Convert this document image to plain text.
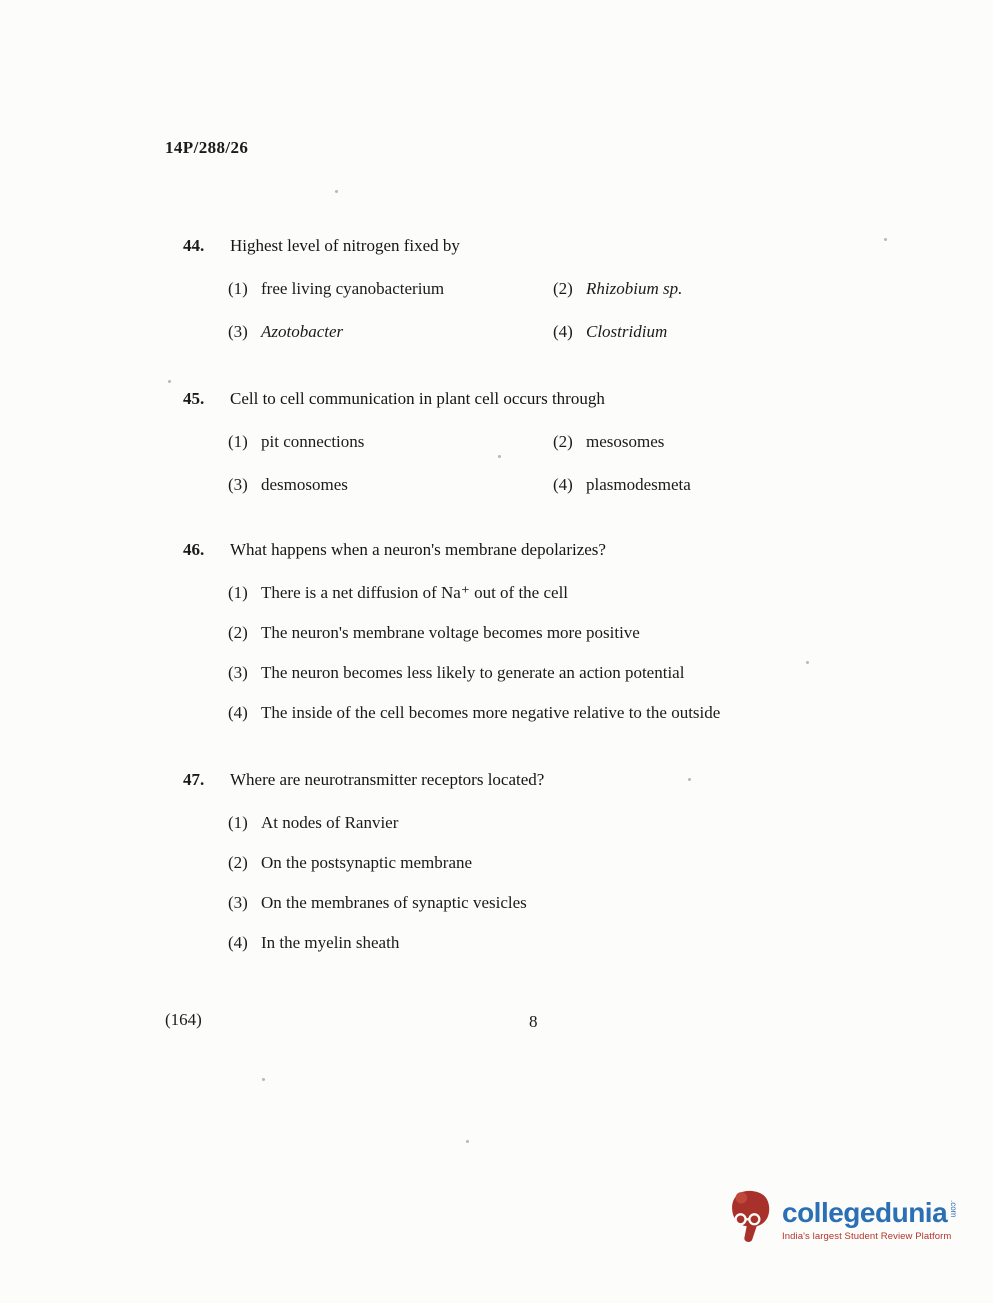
14P/288/26
44.	Highest level of nitrogen fixed by
(1) free living cyanobacterium	(2) Rhizobium sp.
(3) Azotobacter	(4) Clostridium
45.	Cell to cell communication in plant cell occurs through
(1) pit connections	(2) mesosomes
(3) desmosomes	(4) plasmodesmeta
46.	What happens when a neuron's membrane depolarizes?
(1) There is a net diffusion of Na⁺ out of the cell
(2) The neuron's membrane voltage becomes more positive
(3) The neuron becomes less likely to generate an action potential
(4) The inside of the cell becomes more negative relative to the outside
47.	Where are neurotransmitter receptors located?
(1) At nodes of Ranvier
(2) On the postsynaptic membrane
(3) On the membranes of synaptic vesicles
(4) In the myelin sheath
(164)	8
collegedunia .com
India's largest Student Review Platform
